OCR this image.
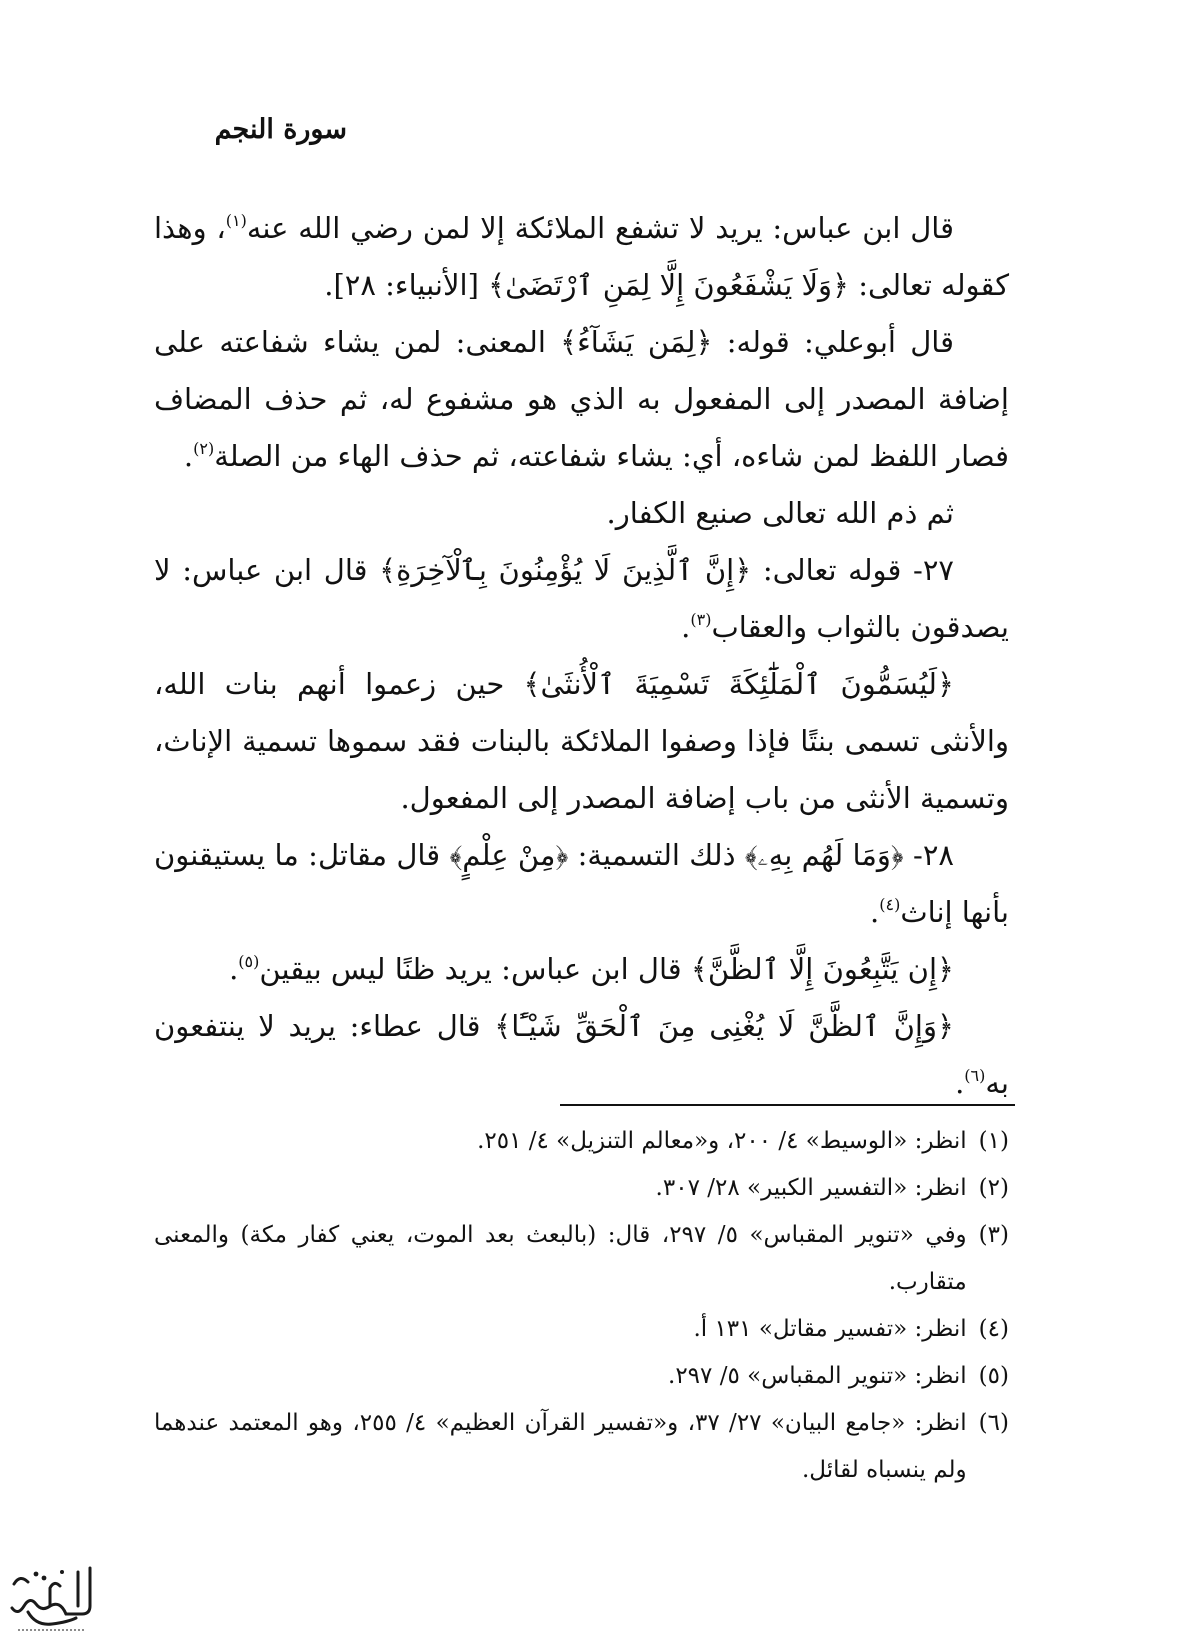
سورة النجم

قال ابن عباس: يريد لا تشفع الملائكة إلا لمن رضي الله عنه$^{(١)}$، وهذا كقوله تعالى: ﴿وَلَا يَشْفَعُونَ إِلَّا لِمَنِ ٱرْتَضَىٰ﴾ [الأنبياء: ٢٨].

قال أبوعلي: قوله: ﴿لِمَن يَشَآءُ﴾ المعنى: لمن يشاء شفاعته على إضافة المصدر إلى المفعول به الذي هو مشفوع له، ثم حذف المضاف فصار اللفظ لمن شاءه، أي: يشاء شفاعته، ثم حذف الهاء من الصلة$^{(٢)}$.

ثم ذم الله تعالى صنيع الكفار.

٢٧- قوله تعالى: ﴿إِنَّ ٱلَّذِينَ لَا يُؤْمِنُونَ بِٱلْآخِرَةِ﴾ قال ابن عباس: لا يصدقون بالثواب والعقاب$^{(٣)}$.

﴿لَيُسَمُّونَ ٱلْمَلَٰٓئِكَةَ تَسْمِيَةَ ٱلْأُنثَىٰ﴾ حين زعموا أنهم بنات الله، والأنثى تسمى بنتًا فإذا وصفوا الملائكة بالبنات فقد سموها تسمية الإناث، وتسمية الأنثى من باب إضافة المصدر إلى المفعول.

٢٨- ﴿وَمَا لَهُم بِهِۦ﴾ ذلك التسمية: ﴿مِنْ عِلْمٍ﴾ قال مقاتل: ما يستيقنون بأنها إناث$^{(٤)}$.

﴿إِن يَتَّبِعُونَ إِلَّا ٱلظَّنَّ﴾ قال ابن عباس: يريد ظنًا ليس بيقين$^{(٥)}$.

﴿وَإِنَّ ٱلظَّنَّ لَا يُغْنِى مِنَ ٱلْحَقِّ شَيْـًٔا﴾ قال عطاء: يريد لا ينتفعون به$^{(٦)}$.

(١)
انظر: «الوسيط» ٤/ ٢٠٠، و«معالم التنزيل» ٤/ ٢٥١.
(٢)
انظر: «التفسير الكبير» ٢٨/ ٣٠٧.
(٣)
وفي «تنوير المقباس» ٥/ ٢٩٧، قال: (بالبعث بعد الموت، يعني كفار مكة) والمعنى متقارب.
(٤)
انظر: «تفسير مقاتل» ١٣١ أ.
(٥)
انظر: «تنوير المقباس» ٥/ ٢٩٧.
(٦)
انظر: «جامع البيان» ٢٧/ ٣٧، و«تفسير القرآن العظيم» ٤/ ٢٥٥، وهو المعتمد عندهما ولم ينسباه لقائل.
